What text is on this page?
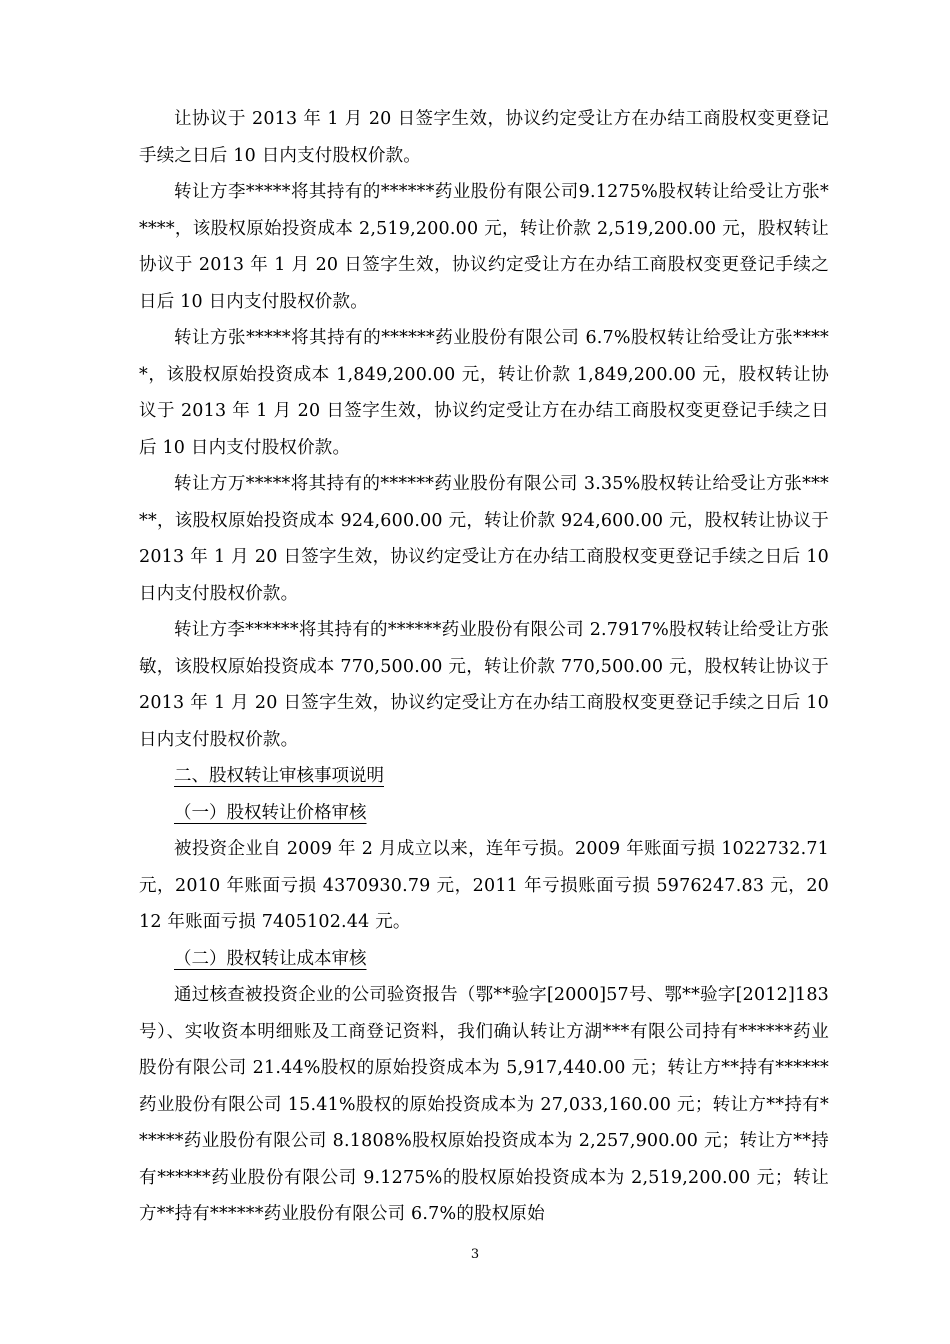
让协议于 2013 年 1 月 20 日签字生效，协议约定受让方在办结工商股权变更登记手续之日后 10 日内支付股权价款。

转让方李*****将其持有的******药业股份有限公司9.1275%股权转让给受让方张*****，该股权原始投资成本 2,519,200.00 元，转让价款 2,519,200.00 元，股权转让协议于 2013 年 1 月 20 日签字生效，协议约定受让方在办结工商股权变更登记手续之日后 10 日内支付股权价款。

转让方张*****将其持有的******药业股份有限公司 6.7%股权转让给受让方张*****，该股权原始投资成本 1,849,200.00 元，转让价款 1,849,200.00 元，股权转让协议于 2013 年 1 月 20 日签字生效，协议约定受让方在办结工商股权变更登记手续之日后 10 日内支付股权价款。

转让方万*****将其持有的******药业股份有限公司 3.35%股权转让给受让方张*****，该股权原始投资成本 924,600.00 元，转让价款 924,600.00 元，股权转让协议于 2013 年 1 月 20 日签字生效，协议约定受让方在办结工商股权变更登记手续之日后 10 日内支付股权价款。

转让方李******将其持有的******药业股份有限公司 2.7917%股权转让给受让方张敏，该股权原始投资成本 770,500.00 元，转让价款 770,500.00 元，股权转让协议于 2013 年 1 月 20 日签字生效，协议约定受让方在办结工商股权变更登记手续之日后 10 日内支付股权价款。

二、股权转让审核事项说明

（一）股权转让价格审核

被投资企业自 2009 年 2 月成立以来，连年亏损。2009 年账面亏损 1022732.71 元，2010 年账面亏损 4370930.79 元，2011 年亏损账面亏损 5976247.83 元，2012 年账面亏损 7405102.44 元。

（二）股权转让成本审核

通过核查被投资企业的公司验资报告（鄂**验字[2000]57号、鄂**验字[2012]183号）、实收资本明细账及工商登记资料，我们确认转让方湖***有限公司持有******药业股份有限公司 21.44%股权的原始投资成本为 5,917,440.00 元；转让方**持有******药业股份有限公司 15.41%股权的原始投资成本为 27,033,160.00 元；转让方**持有******药业股份有限公司 8.1808%股权原始投资成本为 2,257,900.00 元；转让方**持有******药业股份有限公司 9.1275%的股权原始投资成本为 2,519,200.00 元；转让方**持有******药业股份有限公司 6.7%的股权原始

3
